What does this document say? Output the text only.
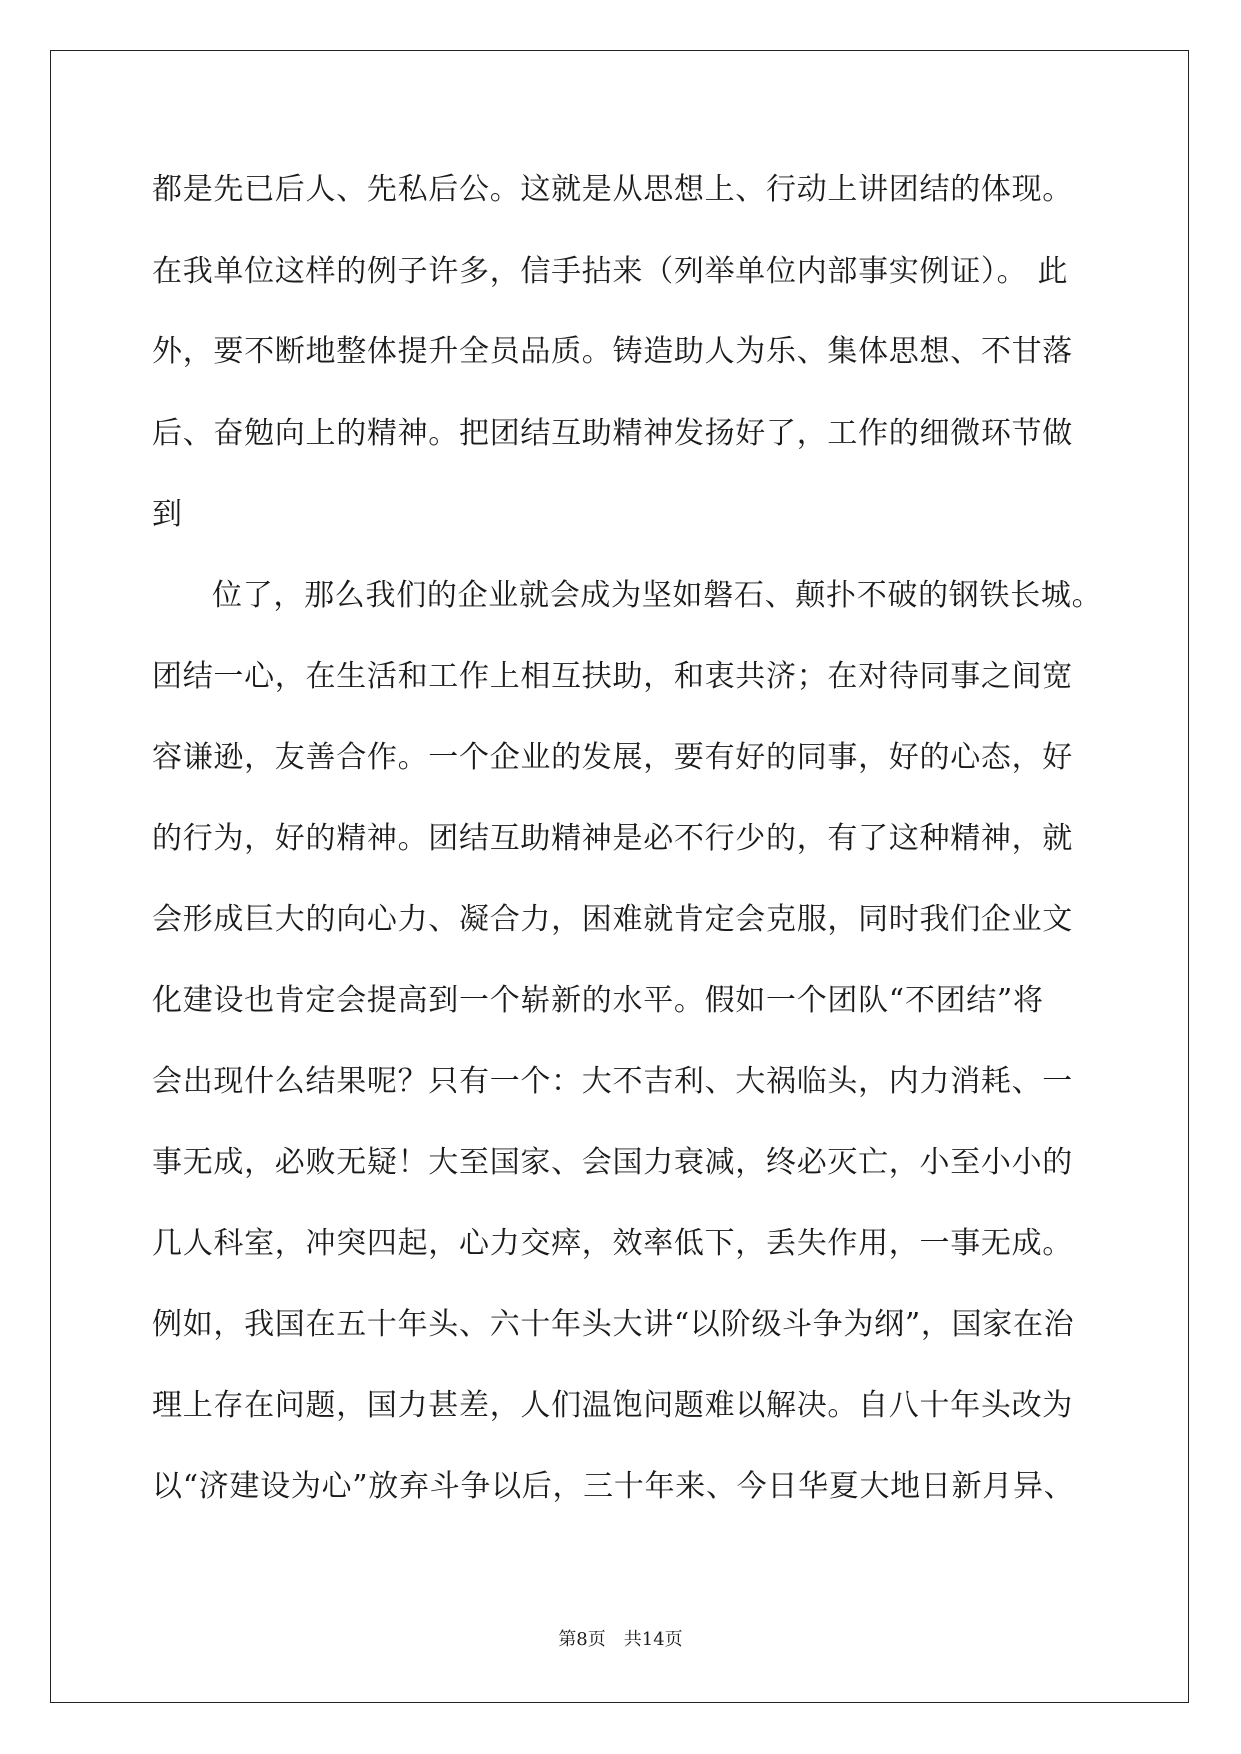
都是先已后人、先私后公。这就是从思想上、行动上讲团结的体现。
在我单位这样的例子许多，信手拈来（列举单位内部事实例证）。 此
外，要不断地整体提升全员品质。铸造助人为乐、集体思想、不甘落
后、奋勉向上的精神。把团结互助精神发扬好了，工作的细微环节做
到
位了，那么我们的企业就会成为坚如磐石、颠扑不破的钢铁长城。
团结一心，在生活和工作上相互扶助，和衷共济；在对待同事之间宽
容谦逊，友善合作。一个企业的发展，要有好的同事，好的心态，好
的行为，好的精神。团结互助精神是必不行少的，有了这种精神，就
会形成巨大的向心力、凝合力，困难就肯定会克服，同时我们企业文
化建设也肯定会提高到一个崭新的水平。假如一个团队“不团结”将
会出现什么结果呢？只有一个：大不吉利、大祸临头，内力消耗、一
事无成，必败无疑！大至国家、会国力衰减，终必灭亡，小至小小的
几人科室，冲突四起，心力交瘁，效率低下，丢失作用，一事无成。
例如，我国在五十年头、六十年头大讲“以阶级斗争为纲”，国家在治
理上存在问题，国力甚差，人们温饱问题难以解决。自八十年头改为
以“济建设为心”放弃斗争以后，三十年来、今日华夏大地日新月异、
第8页 共14页
